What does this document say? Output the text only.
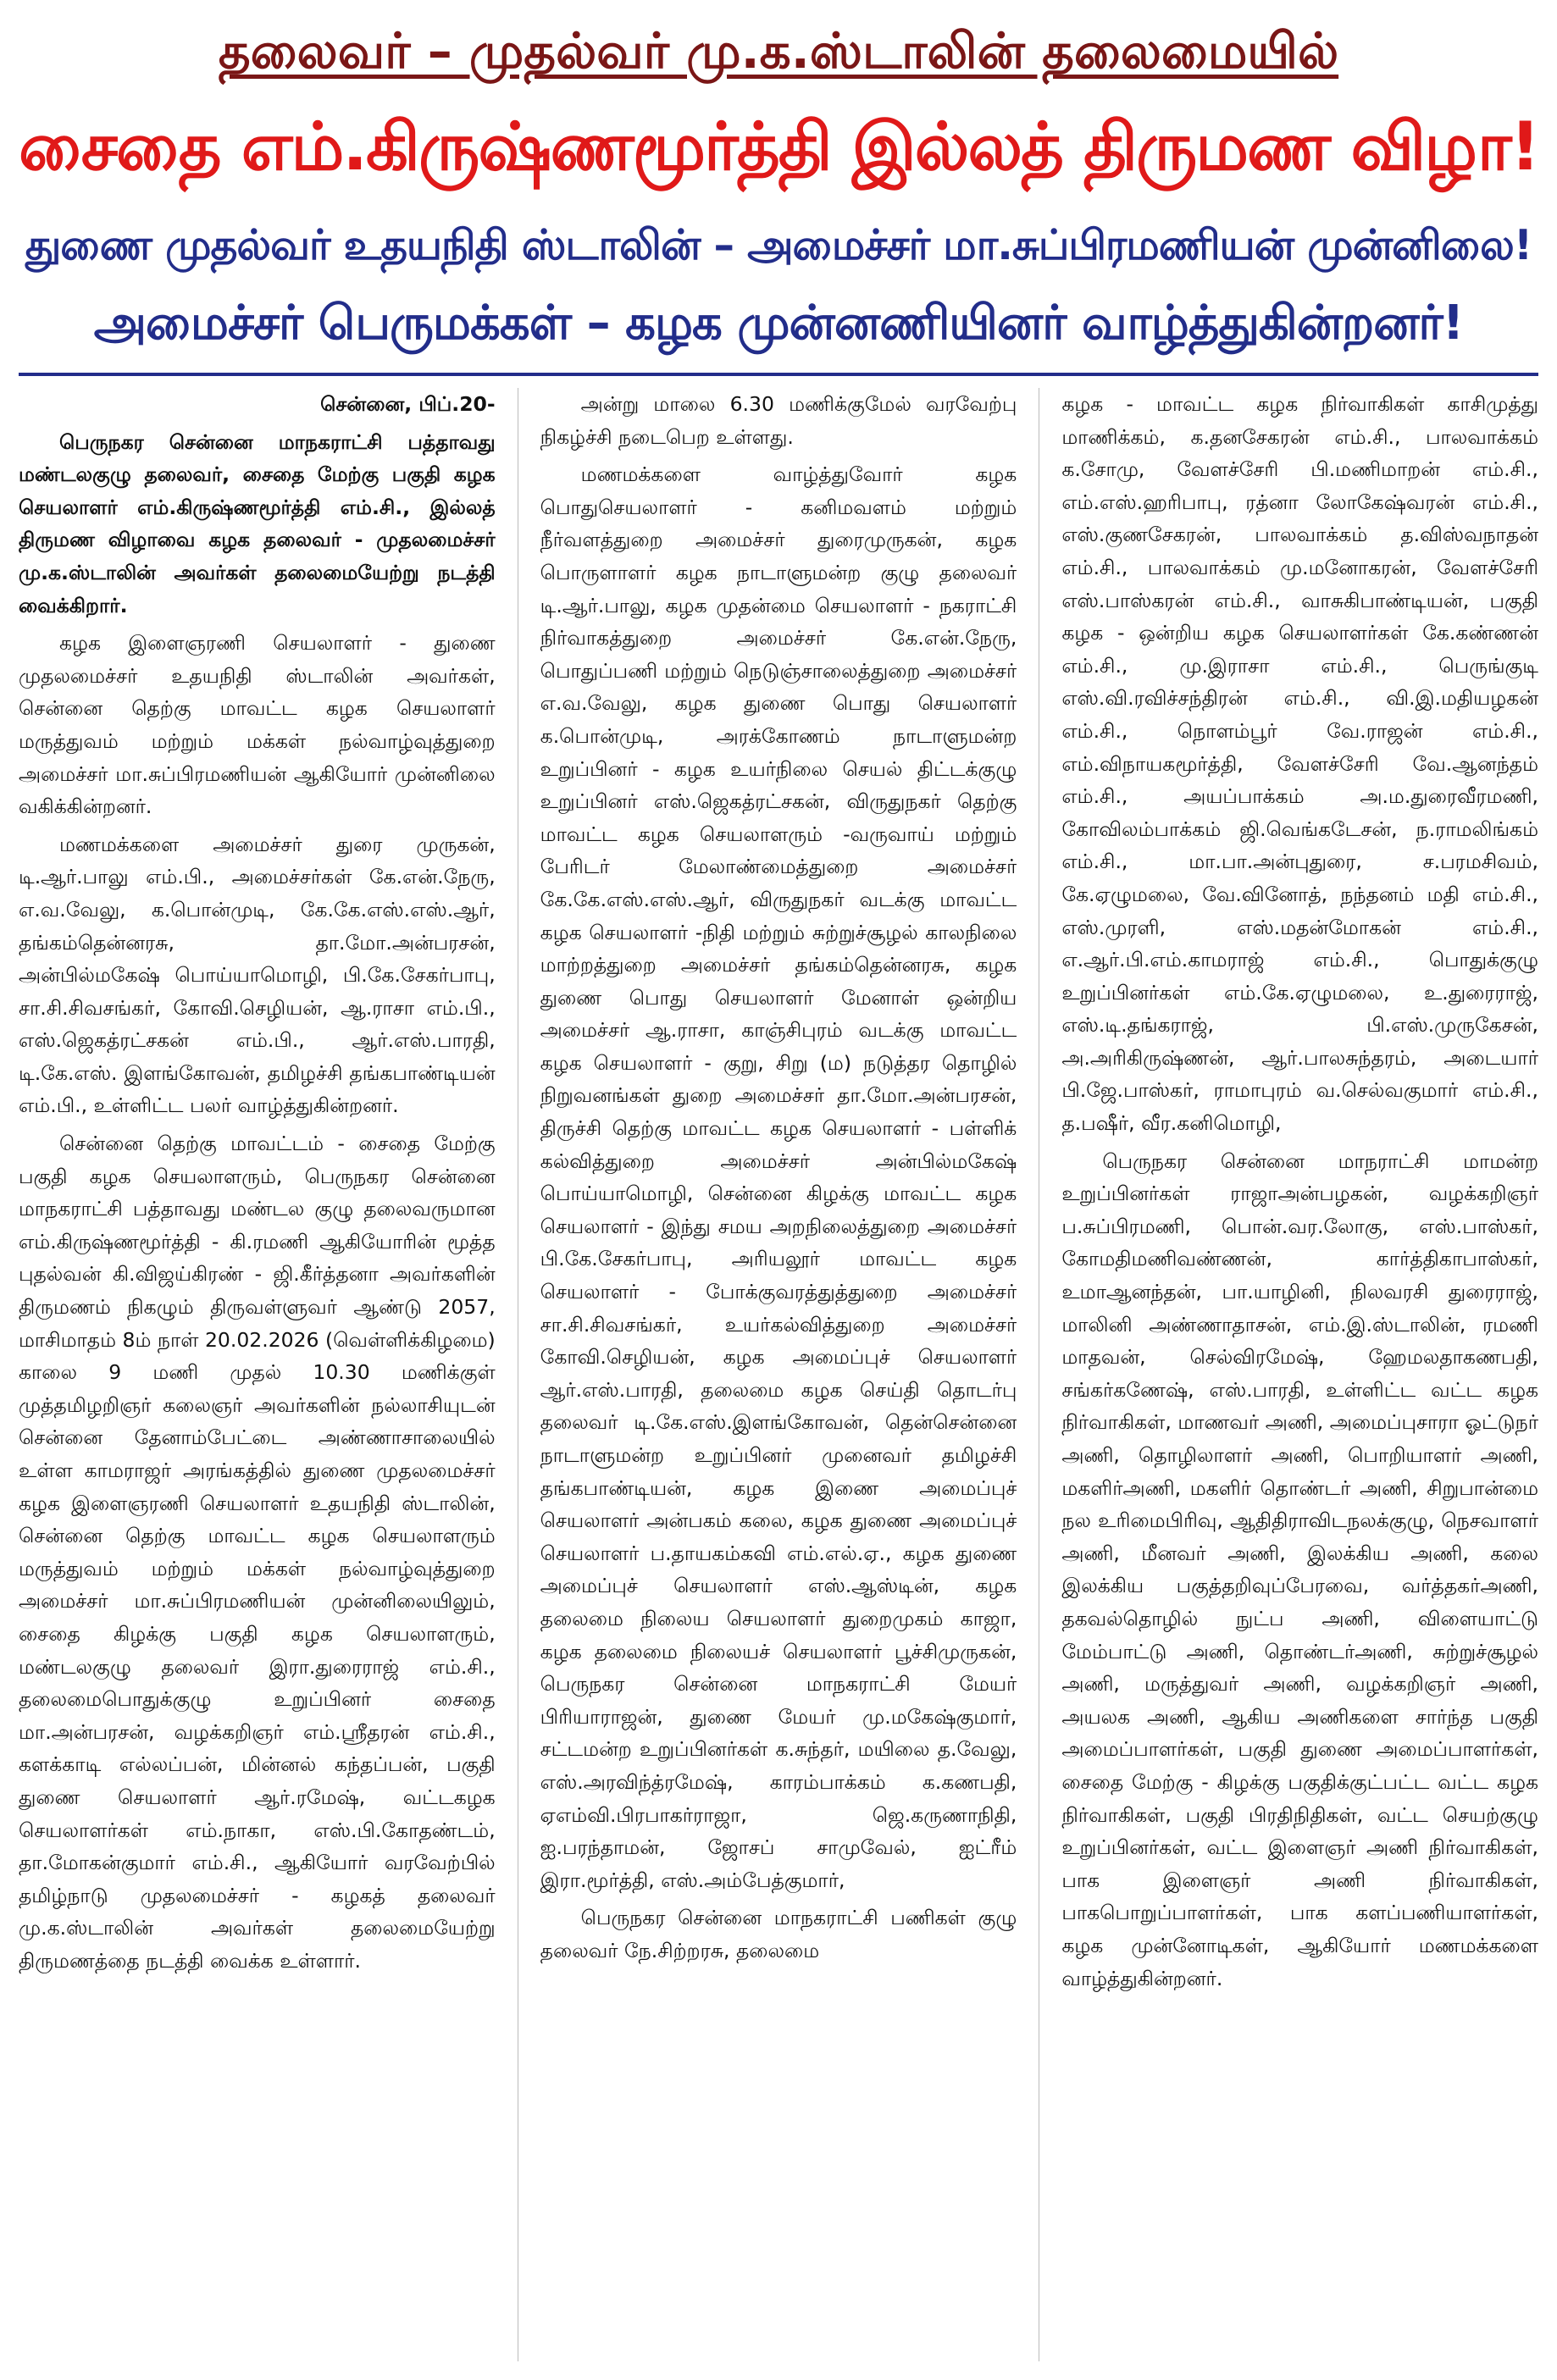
தலைவர் – முதல்வர் மு.க.ஸ்டாலின் தலைமையில்
சைதை எம்.கிருஷ்ணமூர்த்தி இல்லத் திருமண விழா!
துணை முதல்வர் உதயநிதி ஸ்டாலின் – அமைச்சர் மா.சுப்பிரமணியன் முன்னிலை!
அமைச்சர் பெருமக்கள் – கழக முன்னணியினர் வாழ்த்துகின்றனர்!

சென்னை, பிப்.20-

பெருநகர சென்னை மாநகராட்சி பத்தாவது மண்டலகுழு தலைவர், சைதை மேற்கு பகுதி கழக செயலாளர் எம்.கிருஷ்ணமூர்த்தி எம்.சி., இல்லத் திருமண விழாவை கழக தலைவர் - முதலமைச்சர் மு.க.ஸ்டாலின் அவர்கள் தலைமையேற்று நடத்தி வைக்கிறார்.

கழக இளைஞரணி செயலாளர் - துணை முதலமைச்சர் உதயநிதி ஸ்டாலின் அவர்கள், சென்னை தெற்கு மாவட்ட கழக செயலாளர் மருத்துவம் மற்றும் மக்கள் நல்வாழ்வுத்துறை அமைச்சர் மா.சுப்பிரமணியன் ஆகியோர் முன்னிலை வகிக்கின்றனர்.

மணமக்களை அமைச்சர் துரை முருகன், டி.ஆர்.பாலு எம்.பி., அமைச்சர்கள் கே.என்.நேரு, எ.வ.வேலு, க.பொன்முடி, கே.கே.எஸ்.எஸ்.ஆர், தங்கம்தென்னரசு, தா.மோ.அன்பரசன், அன்பில்மகேஷ் பொய்யாமொழி, பி.கே.சேகர்பாபு, சா.சி.சிவசங்கர், கோவி.செழியன், ஆ.ராசா எம்.பி., எஸ்.ஜெகத்ரட்சகன் எம்.பி., ஆர்.எஸ்.பாரதி, டி.கே.எஸ். இளங்கோவன், தமிழச்சி தங்கபாண்டியன் எம்.பி., உள்ளிட்ட பலர் வாழ்த்துகின்றனர்.

சென்னை தெற்கு மாவட்டம் - சைதை மேற்கு பகுதி கழக செயலாளரும், பெருநகர சென்னை மாநகராட்சி பத்தாவது மண்டல குழு தலைவருமான எம்.கிருஷ்ணமூர்த்தி - கி.ரமணி ஆகியோரின் மூத்த புதல்வன் கி.விஜய்கிரண் - ஜி.கீர்த்தனா அவர்களின் திருமணம் நிகழும் திருவள்ளுவர் ஆண்டு 2057, மாசிமாதம் 8ம் நாள் 20.02.2026 (வெள்ளிக்கிழமை) காலை 9 மணி முதல் 10.30 மணிக்குள் முத்தமிழறிஞர் கலைஞர் அவர்களின் நல்லாசியுடன் சென்னை தேனாம்பேட்டை அண்ணாசாலையில் உள்ள காமராஜர் அரங்கத்தில் துணை முதலமைச்சர் கழக இளைஞரணி செயலாளர் உதயநிதி ஸ்டாலின், சென்னை தெற்கு மாவட்ட கழக செயலாளரும் மருத்துவம் மற்றும் மக்கள் நல்வாழ்வுத்துறை அமைச்சர் மா.சுப்பிரமணியன் முன்னிலையிலும், சைதை கிழக்கு பகுதி கழக செயலாளரும், மண்டலகுழு தலைவர் இரா.துரைராஜ் எம்.சி., தலைமைபொதுக்குழு உறுப்பினர் சைதை மா.அன்பரசன், வழக்கறிஞர் எம்.ஸ்ரீதரன் எம்.சி., களக்காடி எல்லப்பன், மின்னல் கந்தப்பன், பகுதி துணை செயலாளர் ஆர்.ரமேஷ், வட்டகழக செயலாளர்கள் எம்.நாகா, எஸ்.பி.கோதண்டம், தா.மோகன்குமார் எம்.சி., ஆகியோர் வரவேற்பில் தமிழ்நாடு முதலமைச்சர் - கழகத் தலைவர் மு.க.ஸ்டாலின் அவர்கள் தலைமையேற்று திருமணத்தை நடத்தி வைக்க உள்ளார்.

அன்று மாலை 6.30 மணிக்குமேல் வரவேற்பு நிகழ்ச்சி நடைபெற உள்ளது.

மணமக்களை வாழ்த்துவோர் கழக பொதுசெயலாளர் - கனிமவளம் மற்றும் நீர்வளத்துறை அமைச்சர் துரைமுருகன், கழக பொருளாளர் கழக நாடாளுமன்ற குழு தலைவர் டி.ஆர்.பாலு, கழக முதன்மை செயலாளர் - நகராட்சி நிர்வாகத்துறை அமைச்சர் கே.என்.நேரு, பொதுப்பணி மற்றும் நெடுஞ்சாலைத்துறை அமைச்சர் எ.வ.வேலு, கழக துணை பொது செயலாளர் க.பொன்முடி, அரக்கோணம் நாடாளுமன்ற உறுப்பினர் - கழக உயர்நிலை செயல் திட்டக்குழு உறுப்பினர் எஸ்.ஜெகத்ரட்சகன், விருதுநகர் தெற்கு மாவட்ட கழக செயலாளரும் -வருவாய் மற்றும் பேரிடர் மேலாண்மைத்துறை அமைச்சர் கே.கே.எஸ்.எஸ்.ஆர், விருதுநகர் வடக்கு மாவட்ட கழக செயலாளர் -நிதி மற்றும் சுற்றுச்சூழல் காலநிலை மாற்றத்துறை அமைச்சர் தங்கம்தென்னரசு, கழக துணை பொது செயலாளர் மேனாள் ஒன்றிய அமைச்சர் ஆ.ராசா, காஞ்சிபுரம் வடக்கு மாவட்ட கழக செயலாளர் - குறு, சிறு (ம) நடுத்தர தொழில் நிறுவனங்கள் துறை அமைச்சர் தா.மோ.அன்பரசன், திருச்சி தெற்கு மாவட்ட கழக செயலாளர் - பள்ளிக் கல்வித்துறை அமைச்சர் அன்பில்மகேஷ் பொய்யாமொழி, சென்னை கிழக்கு மாவட்ட கழக செயலாளர் - இந்து சமய அறநிலைத்துறை அமைச்சர் பி.கே.சேகர்பாபு, அரியலூர் மாவட்ட கழக செயலாளர் - போக்குவரத்துத்துறை அமைச்சர் சா.சி.சிவசங்கர், உயர்கல்வித்துறை அமைச்சர் கோவி.செழியன், கழக அமைப்புச் செயலாளர் ஆர்.எஸ்.பாரதி, தலைமை கழக செய்தி தொடர்பு தலைவர் டி.கே.எஸ்.இளங்கோவன், தென்சென்னை நாடாளுமன்ற உறுப்பினர் முனைவர் தமிழச்சி தங்கபாண்டியன், கழக இணை அமைப்புச் செயலாளர் அன்பகம் கலை, கழக துணை அமைப்புச் செயலாளர் ப.தாயகம்கவி எம்.எல்.ஏ., கழக துணை அமைப்புச் செயலாளர் எஸ்.ஆஸ்டின், கழக தலைமை நிலைய செயலாளர் துறைமுகம் காஜா, கழக தலைமை நிலையச் செயலாளர் பூச்சிமுருகன், பெருநகர சென்னை மாநகராட்சி மேயர் பிரியாராஜன், துணை மேயர் மு.மகேஷ்குமார், சட்டமன்ற உறுப்பினர்கள் க.சுந்தர், மயிலை த.வேலு, எஸ்.அரவிந்த்ரமேஷ், காரம்பாக்கம் க.கணபதி, ஏஎம்வி.பிரபாகர்ராஜா, ஜெ.கருணாநிதி, ஐ.பரந்தாமன், ஜோசப் சாமுவேல், ஐட்ரீம் இரா.மூர்த்தி, எஸ்.அம்பேத்குமார்,

பெருநகர சென்னை மாநகராட்சி பணிகள் குழு தலைவர் நே.சிற்றரசு, தலைமை

கழக - மாவட்ட கழக நிர்வாகிகள் காசிமுத்து மாணிக்கம், க.தனசேகரன் எம்.சி., பாலவாக்கம் க.சோமு, வேளச்சேரி பி.மணிமாறன் எம்.சி., எம்.எஸ்.ஹரிபாபு, ரத்னா லோகேஷ்வரன் எம்.சி., எஸ்.குணசேகரன், பாலவாக்கம் த.விஸ்வநாதன் எம்.சி., பாலவாக்கம் மு.மனோகரன், வேளச்சேரி எஸ்.பாஸ்கரன் எம்.சி., வாசுகிபாண்டியன், பகுதி கழக - ஒன்றிய கழக செயலாளர்கள் கே.கண்ணன் எம்.சி., மு.இராசா எம்.சி., பெருங்குடி எஸ்.வி.ரவிச்சந்திரன் எம்.சி., வி.இ.மதியழகன் எம்.சி., நொளம்பூர் வே.ராஜன் எம்.சி., எம்.விநாயகமூர்த்தி, வேளச்சேரி வே.ஆனந்தம் எம்.சி., அயப்பாக்கம் அ.ம.துரைவீரமணி, கோவிலம்பாக்கம் ஜி.வெங்கடேசன், ந.ராமலிங்கம் எம்.சி., மா.பா.அன்புதுரை, ச.பரமசிவம், கே.ஏழுமலை, வே.வினோத், நந்தனம் மதி எம்.சி., எஸ்.முரளி, எஸ்.மதன்மோகன் எம்.சி., எ.ஆர்.பி.எம்.காமராஜ் எம்.சி., பொதுக்குழு உறுப்பினர்கள் எம்.கே.ஏழுமலை, உ.துரைராஜ், எஸ்.டி.தங்கராஜ், பி.எஸ்.முருகேசன், அ.அரிகிருஷ்ணன், ஆர்.பாலசுந்தரம், அடையார் பி.ஜே.பாஸ்கர், ராமாபுரம் வ.செல்வகுமார் எம்.சி., த.பஷீர், வீர.கனிமொழி,

பெருநகர சென்னை மாநராட்சி மாமன்ற உறுப்பினர்கள் ராஜாஅன்பழகன், வழக்கறிஞர் ப.சுப்பிரமணி, பொன்.வர.லோகு, எஸ்.பாஸ்கர், கோமதிமணிவண்ணன், கார்த்திகாபாஸ்கர், உமாஆனந்தன், பா.யாழினி, நிலவரசி துரைராஜ், மாலினி அண்ணாதாசன், எம்.இ.ஸ்டாலின், ரமணி மாதவன், செல்விரமேஷ், ஹேமலதாகணபதி, சங்கர்கணேஷ், எஸ்.பாரதி, உள்ளிட்ட வட்ட கழக நிர்வாகிகள், மாணவர் அணி, அமைப்புசாரா ஓட்டுநர் அணி, தொழிலாளர் அணி, பொறியாளர் அணி, மகளிர்அணி, மகளிர் தொண்டர் அணி, சிறுபான்மை நல உரிமைபிரிவு, ஆதிதிராவிடநலக்குழு, நெசவாளர் அணி, மீனவர் அணி, இலக்கிய அணி, கலை இலக்கிய பகுத்தறிவுப்பேரவை, வர்த்தகர்அணி, தகவல்தொழில் நுட்ப அணி, விளையாட்டு மேம்பாட்டு அணி, தொண்டர்அணி, சுற்றுச்சூழல் அணி, மருத்துவர் அணி, வழக்கறிஞர் அணி, அயலக அணி, ஆகிய அணிகளை சார்ந்த பகுதி அமைப்பாளர்கள், பகுதி துணை அமைப்பாளர்கள், சைதை மேற்கு - கிழக்கு பகுதிக்குட்பட்ட வட்ட கழக நிர்வாகிகள், பகுதி பிரதிநிதிகள், வட்ட செயற்குழு உறுப்பினர்கள், வட்ட இளைஞர் அணி நிர்வாகிகள், பாக இளைஞர் அணி நிர்வாகிகள், பாகபொறுப்பாளர்கள், பாக களப்பணியாளர்கள், கழக முன்னோடிகள், ஆகியோர் மணமக்களை வாழ்த்துகின்றனர்.
